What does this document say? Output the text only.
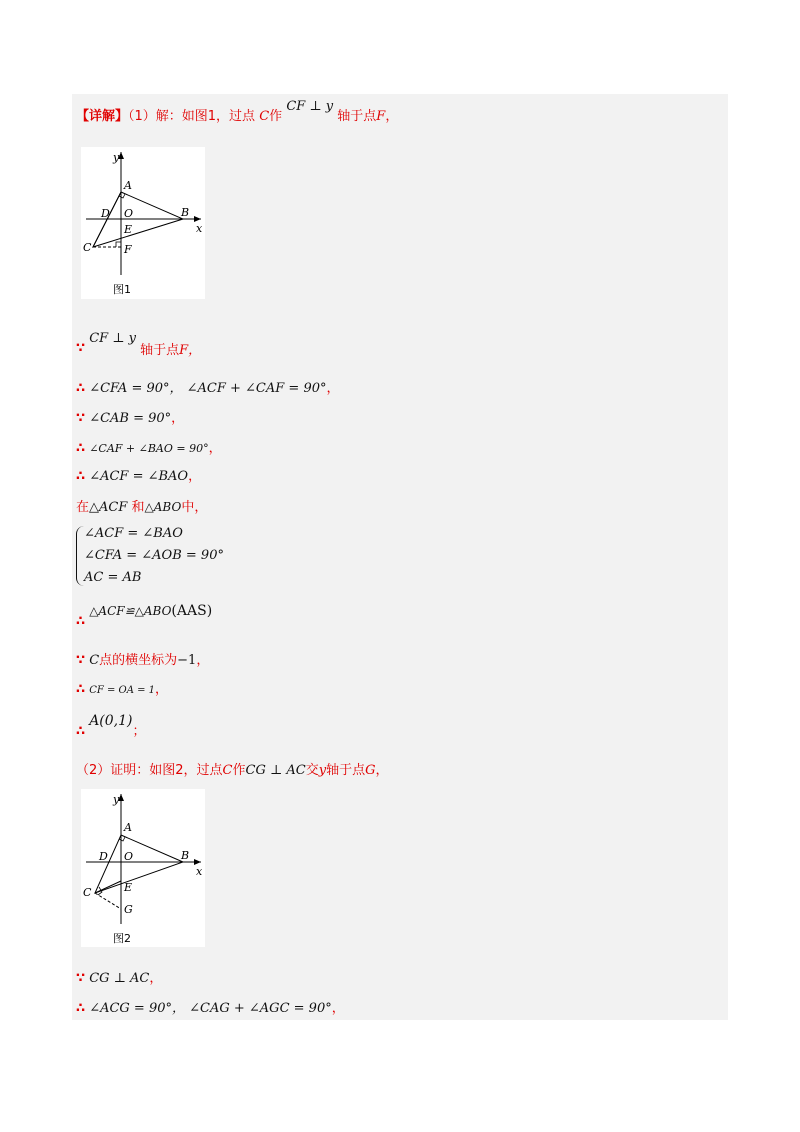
【详解】（1）解：如图1，过点 C作 CF ⊥ y 轴于点F，
y
x
A
B
D O
E
C	F
图1
∵ CF ⊥ y 轴于点F，
∴ ∠CFA = 90°， ∠ACF + ∠CAF = 90°，
∵ ∠CAB = 90°，
∴ ∠CAF + ∠BAO = 90°，
∴ ∠ACF = ∠BAO，
在△ACF 和△ABO中，
∠ACF = ∠BAO
∠CFA = ∠AOB = 90°
AC = AB
∴ △ACF≌△ABO(AAS)
∵ C点的横坐标为−1，
∴ CF = OA = 1，
∴ A(0,1)；
（2）证明：如图2，过点C作CG ⊥ AC交y轴于点G，
y
x
A
B
D O
E
C
G
图2
∵ CG ⊥ AC，
∴ ∠ACG = 90°， ∠CAG + ∠AGC = 90°，
